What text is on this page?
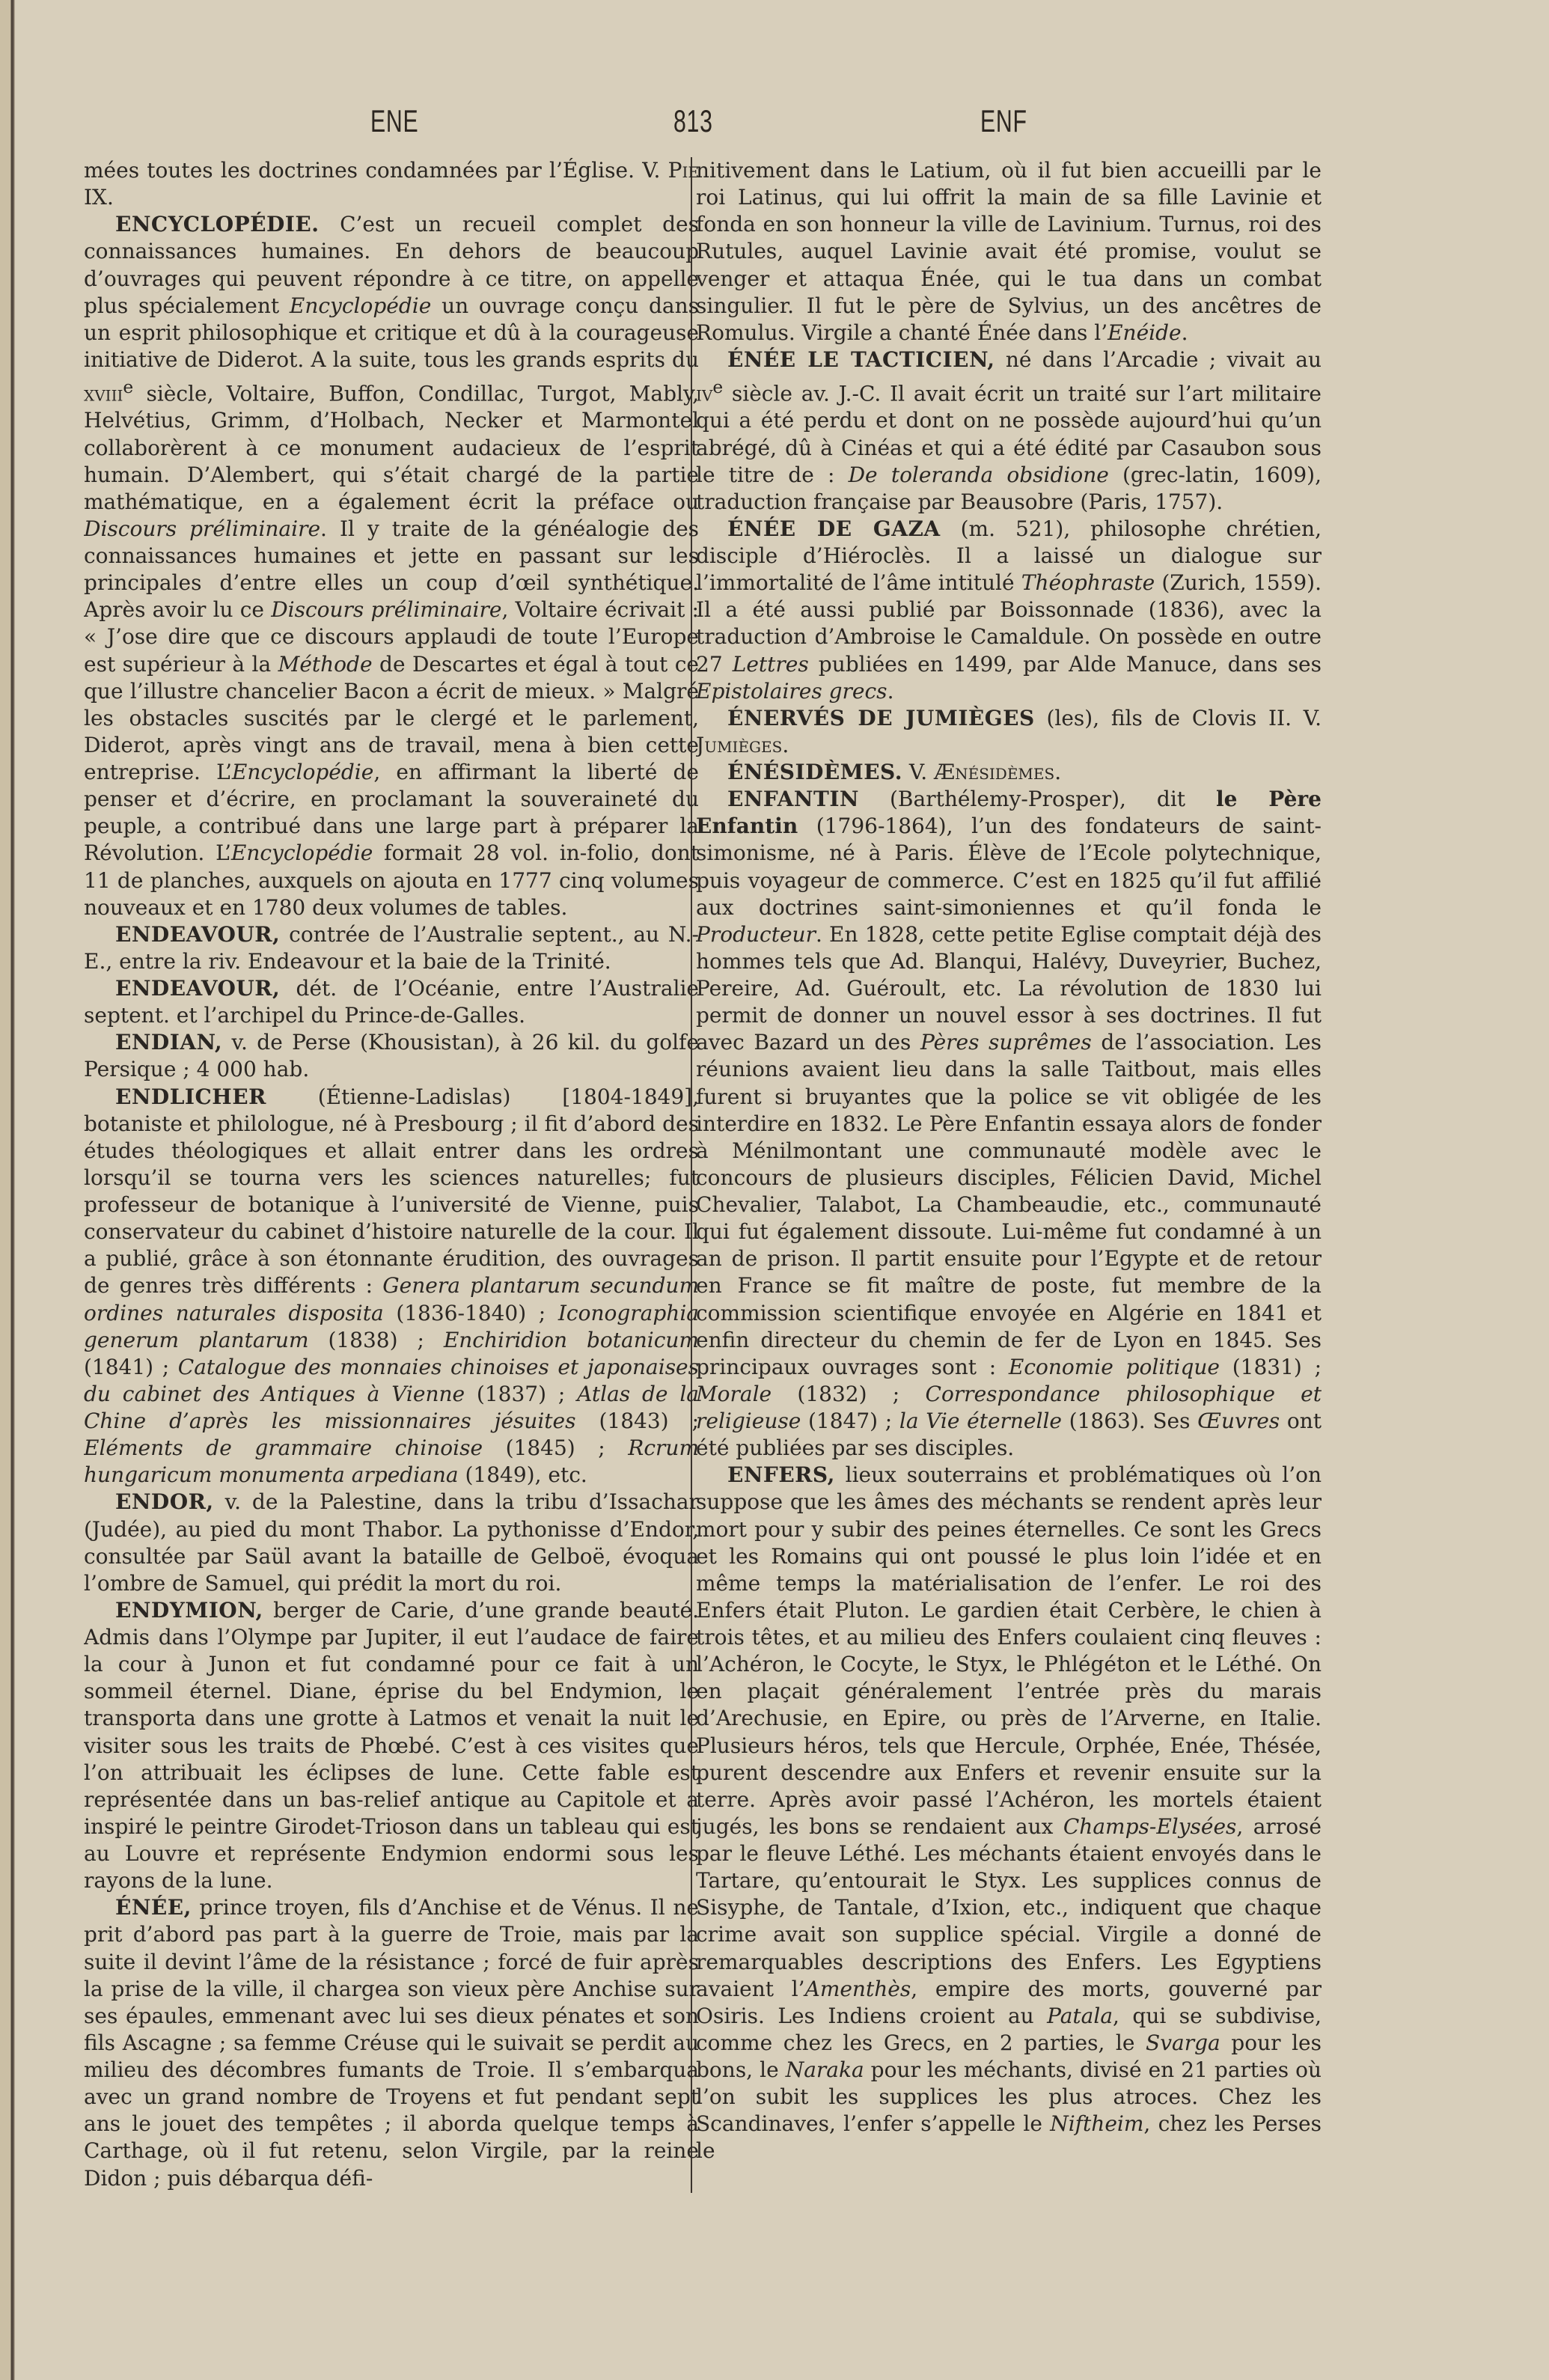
ENE	813	ENF

mées toutes les doctrines condamnées par l’Église. V. Pie IX.

ENCYCLOPÉDIE. C’est un recueil complet des connaissances humaines. En dehors de beaucoup d’ouvrages qui peuvent répondre à ce titre, on appelle plus spécialement Encyclopédie un ouvrage conçu dans un esprit philosophique et critique et dû à la courageuse initiative de Diderot. A la suite, tous les grands esprits du xviii$^e$ siècle, Voltaire, Buffon, Condillac, Turgot, Mably, Helvétius, Grimm, d’Holbach, Necker et Marmontel collaborèrent à ce monument audacieux de l’esprit humain. D’Alembert, qui s’était chargé de la partie mathématique, en a également écrit la préface ou Discours préliminaire. Il y traite de la généalogie des connaissances humaines et jette en passant sur les principales d’entre elles un coup d’œil synthétique. Après avoir lu ce Discours préliminaire, Voltaire écrivait : « J’ose dire que ce discours applaudi de toute l’Europe est supérieur à la Méthode de Descartes et égal à tout ce que l’illustre chancelier Bacon a écrit de mieux. » Malgré les obstacles suscités par le clergé et le parlement, Diderot, après vingt ans de travail, mena à bien cette entreprise. L’Encyclopédie, en affirmant la liberté de penser et d’écrire, en proclamant la souveraineté du peuple, a contribué dans une large part à préparer la Révolution. L’Encyclopédie formait 28 vol. in-folio, dont 11 de planches, auxquels on ajouta en 1777 cinq volumes nouveaux et en 1780 deux volumes de tables.

ENDEAVOUR, contrée de l’Australie septent., au N.-E., entre la riv. Endeavour et la baie de la Trinité.

ENDEAVOUR, dét. de l’Océanie, entre l’Australie septent. et l’archipel du Prince-de-Galles.

ENDIAN, v. de Perse (Khousistan), à 26 kil. du golfe Persique ; 4 000 hab.

ENDLICHER (Étienne-Ladislas) [1804-1849], botaniste et philologue, né à Presbourg ; il fit d’abord des études théologiques et allait entrer dans les ordres lorsqu’il se tourna vers les sciences naturelles; fut professeur de botanique à l’université de Vienne, puis conservateur du cabinet d’histoire naturelle de la cour. Il a publié, grâce à son étonnante érudition, des ouvrages de genres très différents : Genera plantarum secundum ordines naturales disposita (1836-1840) ; Iconographia generum plantarum (1838) ; Enchiridion botanicum (1841) ; Catalogue des monnaies chinoises et japonaises du cabinet des Antiques à Vienne (1837) ; Atlas de la Chine d’après les missionnaires jésuites (1843) ; Eléments de grammaire chinoise (1845) ; Rcrum hungaricum monumenta arpediana (1849), etc.

ENDOR, v. de la Palestine, dans la tribu d’Issachar (Judée), au pied du mont Thabor. La pythonisse d’Endor, consultée par Saül avant la bataille de Gelboë, évoqua l’ombre de Samuel, qui prédit la mort du roi.

ENDYMION, berger de Carie, d’une grande beauté. Admis dans l’Olympe par Jupiter, il eut l’audace de faire la cour à Junon et fut condamné pour ce fait à un sommeil éternel. Diane, éprise du bel Endymion, le transporta dans une grotte à Latmos et venait la nuit le visiter sous les traits de Phœbé. C’est à ces visites que l’on attribuait les éclipses de lune. Cette fable est représentée dans un bas-relief antique au Capitole et a inspiré le peintre Girodet-Trioson dans un tableau qui est au Louvre et représente Endymion endormi sous les rayons de la lune.

ÉNÉE, prince troyen, fils d’Anchise et de Vénus. Il ne prit d’abord pas part à la guerre de Troie, mais par la suite il devint l’âme de la résistance ; forcé de fuir après la prise de la ville, il chargea son vieux père Anchise sur ses épaules, emmenant avec lui ses dieux pénates et son fils Ascagne ; sa femme Créuse qui le suivait se perdit au milieu des décombres fumants de Troie. Il s’embarqua avec un grand nombre de Troyens et fut pendant sept ans le jouet des tempêtes ; il aborda quelque temps à Carthage, où il fut retenu, selon Virgile, par la reine Didon ; puis débarqua défi-

nitivement dans le Latium, où il fut bien accueilli par le roi Latinus, qui lui offrit la main de sa fille Lavinie et fonda en son honneur la ville de Lavinium. Turnus, roi des Rutules, auquel Lavinie avait été promise, voulut se venger et attaqua Énée, qui le tua dans un combat singulier. Il fut le père de Sylvius, un des ancêtres de Romulus. Virgile a chanté Énée dans l’Enéide.

ÉNÉE LE TACTICIEN, né dans l’Arcadie ; vivait au $iv^e$ siècle av. J.-C. Il avait écrit un traité sur l’art militaire qui a été perdu et dont on ne possède aujourd’hui qu’un abrégé, dû à Cinéas et qui a été édité par Casaubon sous le titre de : De toleranda obsidione (grec-latin, 1609), traduction française par Beausobre (Paris, 1757).

ÉNÉE DE GAZA (m. 521), philosophe chrétien, disciple d’Hiéroclès. Il a laissé un dialogue sur l’immortalité de l’âme intitulé Théophraste (Zurich, 1559). Il a été aussi publié par Boissonnade (1836), avec la traduction d’Ambroise le Camaldule. On possède en outre 27 Lettres publiées en 1499, par Alde Manuce, dans ses Epistolaires grecs.

ÉNERVÉS DE JUMIÈGES (les), fils de Clovis II. V. Jumièges.

ÉNÉSIDÈMES. V. Ænésidèmes.

ENFANTIN (Barthélemy-Prosper), dit le Père Enfantin (1796-1864), l’un des fondateurs de saint-simonisme, né à Paris. Élève de l’Ecole polytechnique, puis voyageur de commerce. C’est en 1825 qu’il fut affilié aux doctrines saint-simoniennes et qu’il fonda le Producteur. En 1828, cette petite Eglise comptait déjà des hommes tels que Ad. Blanqui, Halévy, Duveyrier, Buchez, Pereire, Ad. Guéroult, etc. La révolution de 1830 lui permit de donner un nouvel essor à ses doctrines. Il fut avec Bazard un des Pères suprêmes de l’association. Les réunions avaient lieu dans la salle Taitbout, mais elles furent si bruyantes que la police se vit obligée de les interdire en 1832. Le Père Enfantin essaya alors de fonder à Ménilmontant une communauté modèle avec le concours de plusieurs disciples, Félicien David, Michel Chevalier, Talabot, La Chambeaudie, etc., communauté qui fut également dissoute. Lui-même fut condamné à un an de prison. Il partit ensuite pour l’Egypte et de retour en France se fit maître de poste, fut membre de la commission scientifique envoyée en Algérie en 1841 et enfin directeur du chemin de fer de Lyon en 1845. Ses principaux ouvrages sont : Economie politique (1831) ; Morale (1832) ; Correspondance philosophique et religieuse (1847) ; la Vie éternelle (1863). Ses Œuvres ont été publiées par ses disciples.

ENFERS, lieux souterrains et problématiques où l’on suppose que les âmes des méchants se rendent après leur mort pour y subir des peines éternelles. Ce sont les Grecs et les Romains qui ont poussé le plus loin l’idée et en même temps la matérialisation de l’enfer. Le roi des Enfers était Pluton. Le gardien était Cerbère, le chien à trois têtes, et au milieu des Enfers coulaient cinq fleuves : l’Achéron, le Cocyte, le Styx, le Phlégéton et le Léthé. On en plaçait généralement l’entrée près du marais d’Arechusie, en Epire, ou près de l’Arverne, en Italie. Plusieurs héros, tels que Hercule, Orphée, Enée, Thésée, purent descendre aux Enfers et revenir ensuite sur la terre. Après avoir passé l’Achéron, les mortels étaient jugés, les bons se rendaient aux Champs-Elysées, arrosé par le fleuve Léthé. Les méchants étaient envoyés dans le Tartare, qu’entourait le Styx. Les supplices connus de Sisyphe, de Tantale, d’Ixion, etc., indiquent que chaque crime avait son supplice spécial. Virgile a donné de remarquables descriptions des Enfers. Les Egyptiens avaient l’Amenthès, empire des morts, gouverné par Osiris. Les Indiens croient au Patala, qui se subdivise, comme chez les Grecs, en 2 parties, le Svarga pour les bons, le Naraka pour les méchants, divisé en 21 parties où l’on subit les supplices les plus atroces. Chez les Scandinaves, l’enfer s’appelle le Niftheim, chez les Perses le
